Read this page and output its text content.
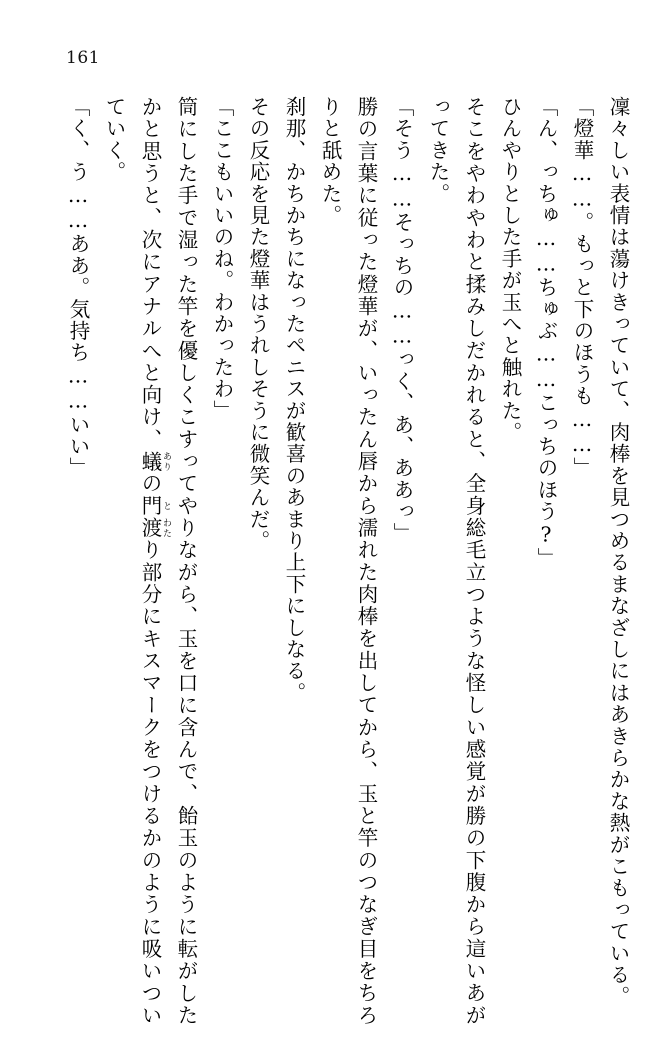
161

凜々しい表情は蕩けきっていて、肉棒を見つめるまなざしにはあきらかな熱がこもっている。

「燈華……。もっと下のほうも……」

「ん、っちゅ……ちゅぶ……こっちのほう?」

ひんやりとした手が玉へと触れた。

そこをやわやわと揉みしだかれると、全身総毛立つような怪しい感覚が勝の下腹から這いあがってきた。

「そう……そっちの……っく、あ、ああっ」

勝の言葉に従った燈華が、いったん唇から濡れた肉棒を出してから、玉と竿のつなぎ目をちろりと舐めた。

刹那、かちかちになったペニスが歓喜のあまり上下にしなる。

その反応を見た燈華はうれしそうに微笑んだ。

「ここもいいのね。わかったわ」

筒にした手で湿った竿を優しくこすってやりながら、玉を口に含んで、飴玉のように転がしたかと思うと、次にアナルへと向け、蟻 ありの門 と渡 わたり部分にキスマークをつけるかのように吸いついていく。

「く、う……ああ。気持ち……いい」
